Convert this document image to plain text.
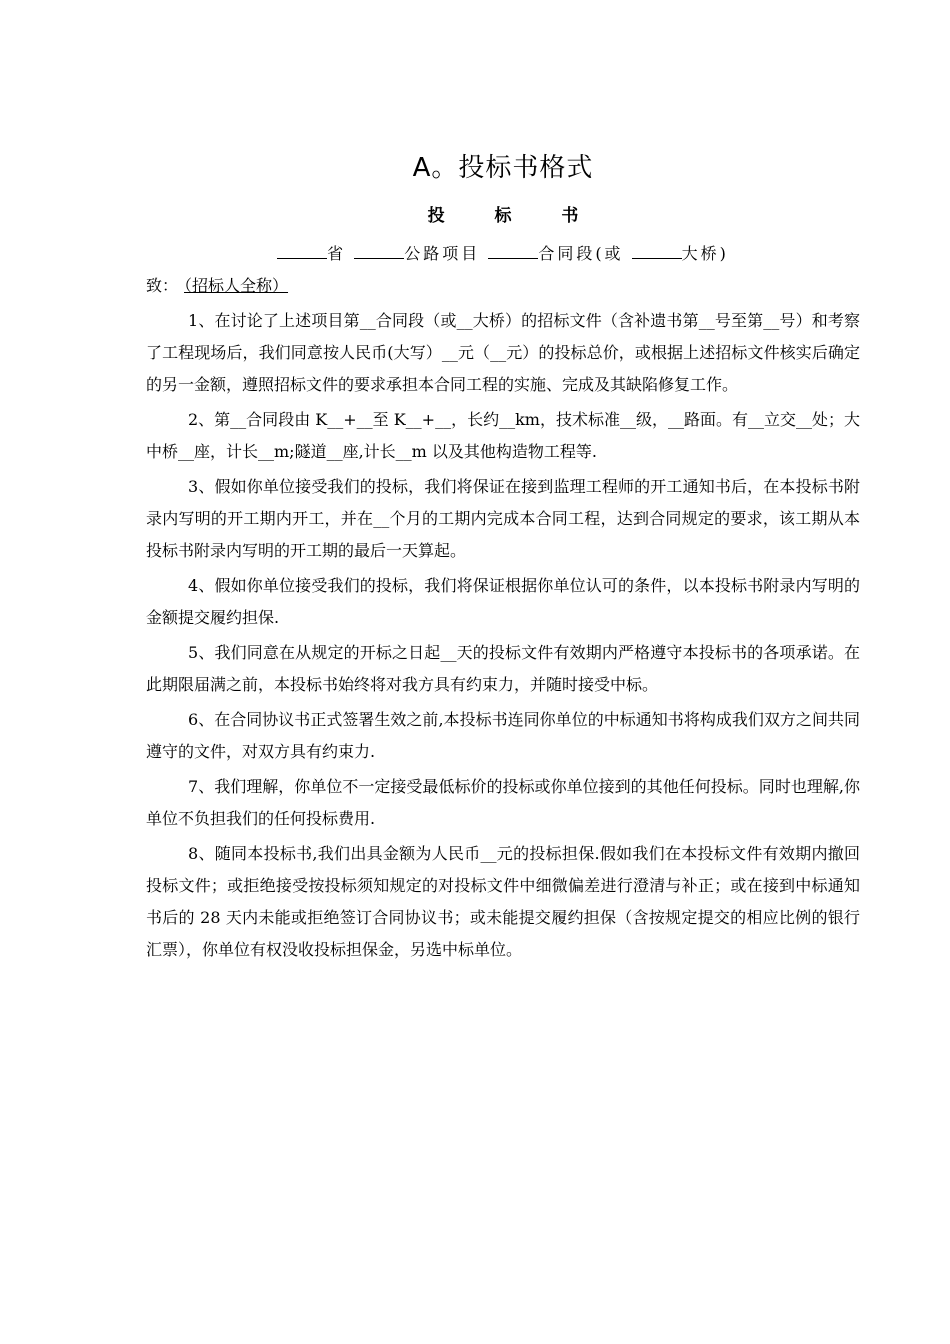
A。投标书格式
投	标	书
省	公路项目	合同段(或	大桥)
致： （招标人全称）

1、在讨论了上述项目第__合同段（或__大桥）的招标文件（含补遗书第__号至第__号）和考察了工程现场后，我们同意按人民币(大写）__元（__元）的投标总价，或根据上述招标文件核实后确定的另一金额，遵照招标文件的要求承担本合同工程的实施、完成及其缺陷修复工作。

2、第__合同段由 K__+__至 K__+__，长约__km，技术标准__级，__路面。有__立交__处；大中桥__座，计长__m;隧道__座,计长__m 以及其他构造物工程等.

3、假如你单位接受我们的投标，我们将保证在接到监理工程师的开工通知书后，在本投标书附录内写明的开工期内开工，并在__个月的工期内完成本合同工程，达到合同规定的要求，该工期从本投标书附录内写明的开工期的最后一天算起。

4、假如你单位接受我们的投标，我们将保证根据你单位认可的条件，以本投标书附录内写明的金额提交履约担保.

5、我们同意在从规定的开标之日起__天的投标文件有效期内严格遵守本投标书的各项承诺。在此期限届满之前，本投标书始终将对我方具有约束力，并随时接受中标。

6、在合同协议书正式签署生效之前,本投标书连同你单位的中标通知书将构成我们双方之间共同遵守的文件，对双方具有约束力.

7、我们理解，你单位不一定接受最低标价的投标或你单位接到的其他任何投标。同时也理解,你单位不负担我们的任何投标费用.

8、随同本投标书,我们出具金额为人民币__元的投标担保.假如我们在本投标文件有效期内撤回投标文件；或拒绝接受按投标须知规定的对投标文件中细微偏差进行澄清与补正；或在接到中标通知书后的 28 天内未能或拒绝签订合同协议书；或未能提交履约担保（含按规定提交的相应比例的银行汇票），你单位有权没收投标担保金，另选中标单位。
